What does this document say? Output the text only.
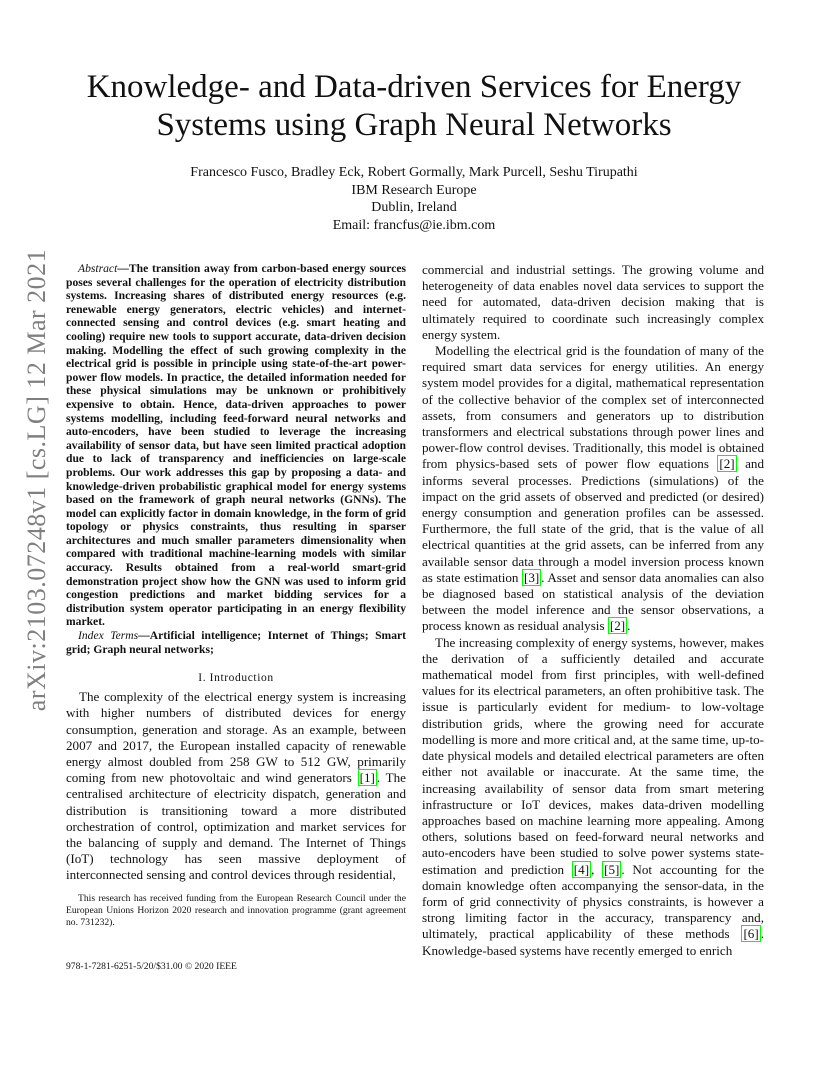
arXiv:2103.07248v1 [cs.LG] 12 Mar 2021
Knowledge- and Data-driven Services for Energy Systems using Graph Neural Networks
Francesco Fusco, Bradley Eck, Robert Gormally, Mark Purcell, Seshu Tirupathi
IBM Research Europe
Dublin, Ireland
Email: francfus@ie.ibm.com

Abstract—The transition away from carbon-based energy sources poses several challenges for the operation of electricity distribution systems. Increasing shares of distributed energy resources (e.g. renewable energy generators, electric vehicles) and internet-connected sensing and control devices (e.g. smart heating and cooling) require new tools to support accurate, data-driven decision making. Modelling the effect of such growing complexity in the electrical grid is possible in principle using state-of-the-art power-power flow models. In practice, the detailed information needed for these physical simulations may be unknown or prohibitively expensive to obtain. Hence, data-driven approaches to power systems modelling, including feed-forward neural networks and auto-encoders, have been studied to leverage the increasing availability of sensor data, but have seen limited practical adoption due to lack of transparency and inefficiencies on large-scale problems. Our work addresses this gap by proposing a data- and knowledge-driven probabilistic graphical model for energy systems based on the framework of graph neural networks (GNNs). The model can explicitly factor in domain knowledge, in the form of grid topology or physics constraints, thus resulting in sparser architectures and much smaller parameters dimensionality when compared with traditional machine-learning models with similar accuracy. Results obtained from a real-world smart-grid demonstration project show how the GNN was used to inform grid congestion predictions and market bidding services for a distribution system operator participating in an energy flexibility market.

Index Terms—Artificial intelligence; Internet of Things; Smart grid; Graph neural networks;

I. Introduction

The complexity of the electrical energy system is increasing with higher numbers of distributed devices for energy consumption, generation and storage. As an example, between 2007 and 2017, the European installed capacity of renewable energy almost doubled from 258 GW to 512 GW, primarily coming from new photovoltaic and wind generators [1] . The centralised architecture of electricity dispatch, generation and distribution is transitioning toward a more distributed orchestration of control, optimization and market services for the balancing of supply and demand. The Internet of Things (IoT) technology has seen massive deployment of interconnected sensing and control devices through residential,

This research has received funding from the European Research Council under the European Unions Horizon 2020 research and innovation programme (grant agreement no. 731232).

978-1-7281-6251-5/20/$31.00 © 2020 IEEE

commercial and industrial settings. The growing volume and heterogeneity of data enables novel data services to support the need for automated, data-driven decision making that is ultimately required to coordinate such increasingly complex energy system.

Modelling the electrical grid is the foundation of many of the required smart data services for energy utilities. An energy system model provides for a digital, mathematical representation of the collective behavior of the complex set of interconnected assets, from consumers and generators up to distribution transformers and electrical substations through power lines and power-flow control devises. Traditionally, this model is obtained from physics-based sets of power flow equations [2] and informs several processes. Predictions (simulations) of the impact on the grid assets of observed and predicted (or desired) energy consumption and generation profiles can be assessed. Furthermore, the full state of the grid, that is the value of all electrical quantities at the grid assets, can be inferred from any available sensor data through a model inversion process known as state estimation [3] . Asset and sensor data anomalies can also be diagnosed based on statistical analysis of the deviation between the model inference and the sensor observations, a process known as residual analysis [2] .

The increasing complexity of energy systems, however, makes the derivation of a sufficiently detailed and accurate mathematical model from first principles, with well-defined values for its electrical parameters, an often prohibitive task. The issue is particularly evident for medium- to low-voltage distribution grids, where the growing need for accurate modelling is more and more critical and, at the same time, up-to-date physical models and detailed electrical parameters are often either not available or inaccurate. At the same time, the increasing availability of sensor data from smart metering infrastructure or IoT devices, makes data-driven modelling approaches based on machine learning more appealing. Among others, solutions based on feed-forward neural networks and auto-encoders have been studied to solve power systems state-estimation and prediction [4] , [5] . Not accounting for the domain knowledge often accompanying the sensor-data, in the form of grid connectivity of physics constraints, is however a strong limiting factor in the accuracy, transparency and, ultimately, practical applicability of these methods [6] . Knowledge-based systems have recently emerged to enrich
